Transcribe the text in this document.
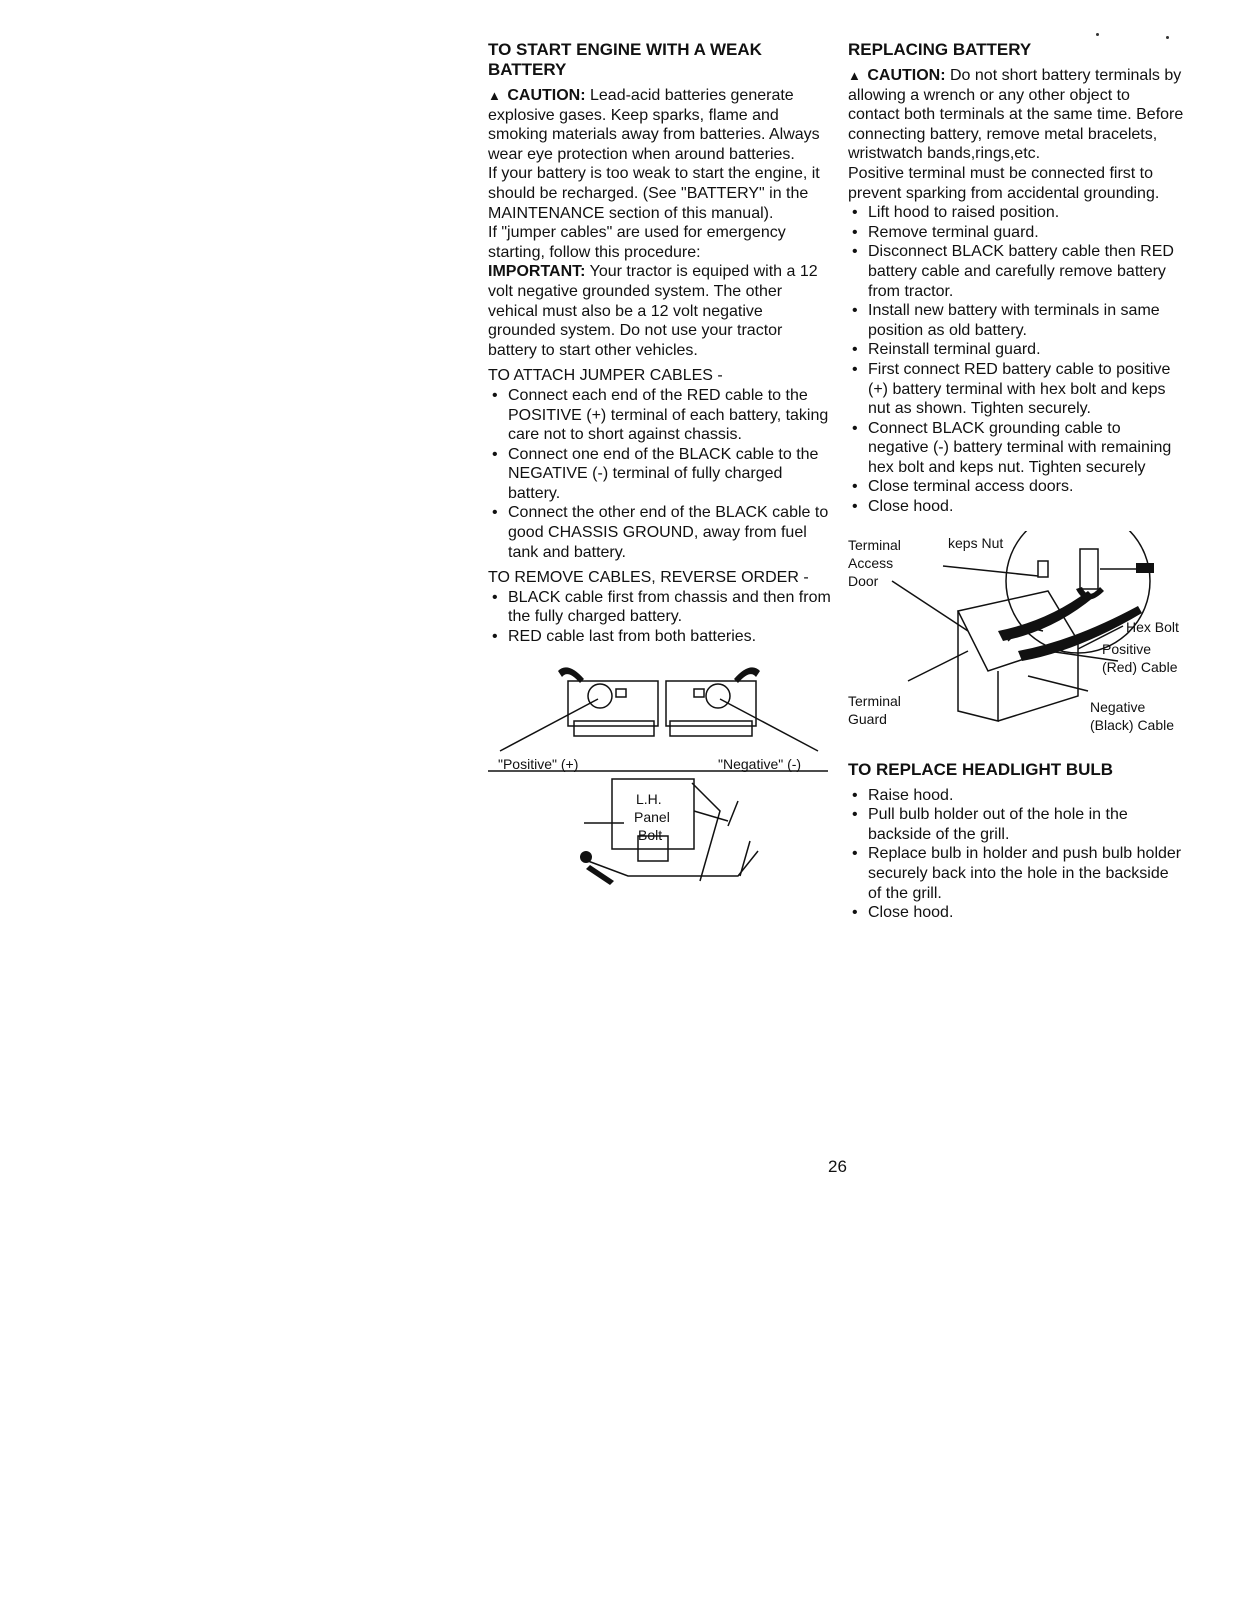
TO START ENGINE WITH A WEAK BATTERY

▲ CAUTION: Lead-acid batteries generate explosive gases. Keep sparks, flame and smoking materials away from batteries. Always wear eye protection when around batteries.

If your battery is too weak to start the engine, it should be recharged. (See "BATTERY" in the MAINTENANCE section of this manual).

If "jumper cables" are used for emergency starting, follow this procedure:

IMPORTANT: Your tractor is equiped with a 12 volt negative grounded system. The other vehical must also be a 12 volt negative grounded system. Do not use your tractor battery to start other vehicles.

TO ATTACH JUMPER CABLES -

• Connect each end of the RED cable to the POSITIVE (+) terminal of each battery, taking care not to short against chassis.
• Connect one end of the BLACK cable to the NEGATIVE (-) terminal of fully charged battery.
• Connect the other end of the BLACK cable to good CHASSIS GROUND, away from fuel tank and battery.

TO REMOVE CABLES, REVERSE ORDER -

• BLACK cable first from chassis and then from the fully charged battery.
• RED cable last from both batteries.
"Positive" (+)	"Negative" (-)
L.H.
Panel
Bolt
REPLACING BATTERY

▲ CAUTION: Do not short battery terminals by allowing a wrench or any other object to contact both terminals at the same time. Before connecting battery, remove metal bracelets, wristwatch bands,rings,etc.

Positive terminal must be connected first to prevent sparking from accidental grounding.

• Lift hood to raised position.
• Remove terminal guard.
• Disconnect BLACK battery cable then RED battery cable and carefully remove battery from tractor.
• Install new battery with terminals in same position as old battery.
• Reinstall terminal guard.
• First connect RED battery cable to positive (+) battery terminal with hex bolt and keps nut as shown. Tighten securely.
• Connect BLACK grounding cable to negative (-) battery terminal with remaining hex bolt and keps nut. Tighten securely
• Close terminal access doors.
• Close hood.
Terminal
Access
Door
keps Nut
Hex Bolt
Positive
(Red) Cable
Terminal
Guard
Negative
(Black) Cable
TO REPLACE HEADLIGHT BULB
• Raise hood.
• Pull bulb holder out of the hole in the backside of the grill.
• Replace bulb in holder and push bulb holder securely back into the hole in the backside of the grill.
• Close hood.
26
